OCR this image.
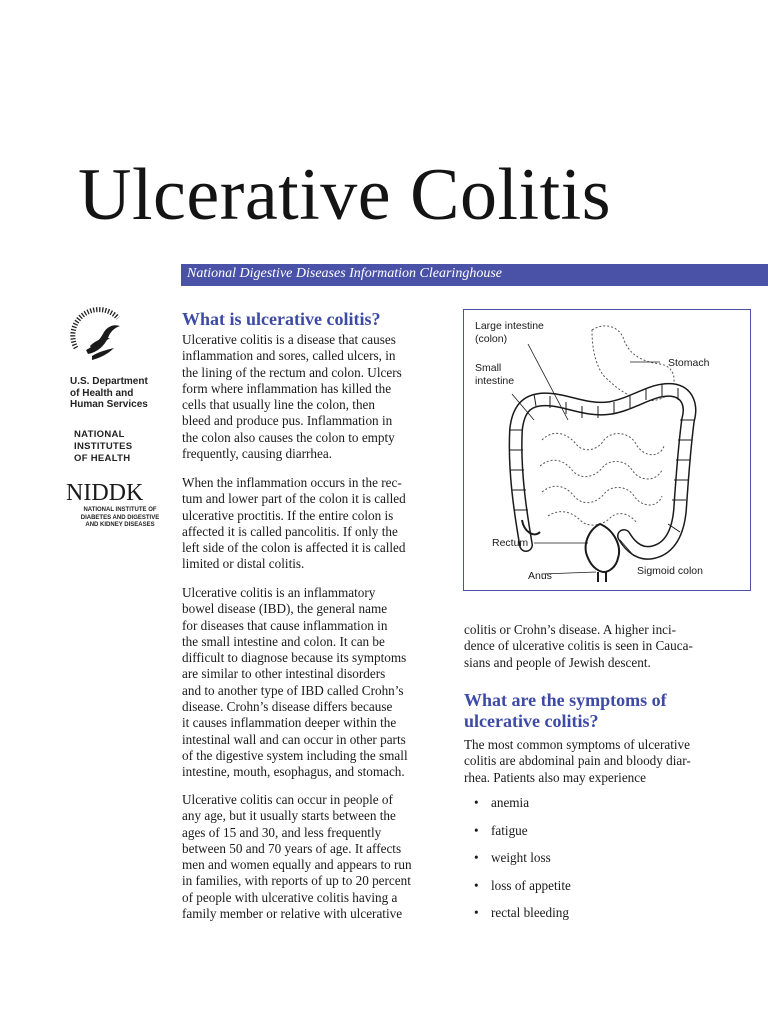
Ulcerative Colitis
National Digestive Diseases Information Clearinghouse
U.S. Department
of Health and
Human Services
NATIONAL
INSTITUTES
OF HEALTH
NIDDK
NATIONAL INSTITUTE OF
DIABETES AND DIGESTIVE
AND KIDNEY DISEASES
What is ulcerative colitis?

Ulcerative colitis is a disease that causes
inflammation and sores, called ulcers, in
the lining of the rectum and colon. Ulcers
form where inflammation has killed the
cells that usually line the colon, then
bleed and produce pus. Inflammation in
the colon also causes the colon to empty
frequently, causing diarrhea.

When the inflammation occurs in the rec-
tum and lower part of the colon it is called
ulcerative proctitis. If the entire colon is
affected it is called pancolitis. If only the
left side of the colon is affected it is called
limited or distal colitis.

Ulcerative colitis is an inflammatory
bowel disease (IBD), the general name
for diseases that cause inflammation in
the small intestine and colon. It can be
difficult to diagnose because its symptoms
are similar to other intestinal disorders
and to another type of IBD called Crohn’s
disease. Crohn’s disease differs because
it causes inflammation deeper within the
intestinal wall and can occur in other parts
of the digestive system including the small
intestine, mouth, esophagus, and stomach.

Ulcerative colitis can occur in people of
any age, but it usually starts between the
ages of 15 and 30, and less frequently
between 50 and 70 years of age. It affects
men and women equally and appears to run
in families, with reports of up to 20 percent
of people with ulcerative colitis having a
family member or relative with ulcerative

Large intestine
(colon)
Small
intestine
Stomach
Rectum
Anus	Sigmoid colon

colitis or Crohn’s disease. A higher inci-
dence of ulcerative colitis is seen in Cauca-
sians and people of Jewish descent.

What are the symptoms of
ulcerative colitis?

The most common symptoms of ulcerative
colitis are abdominal pain and bloody diar-
rhea. Patients also may experience

• anemia
• fatigue
• weight loss
• loss of appetite
• rectal bleeding
